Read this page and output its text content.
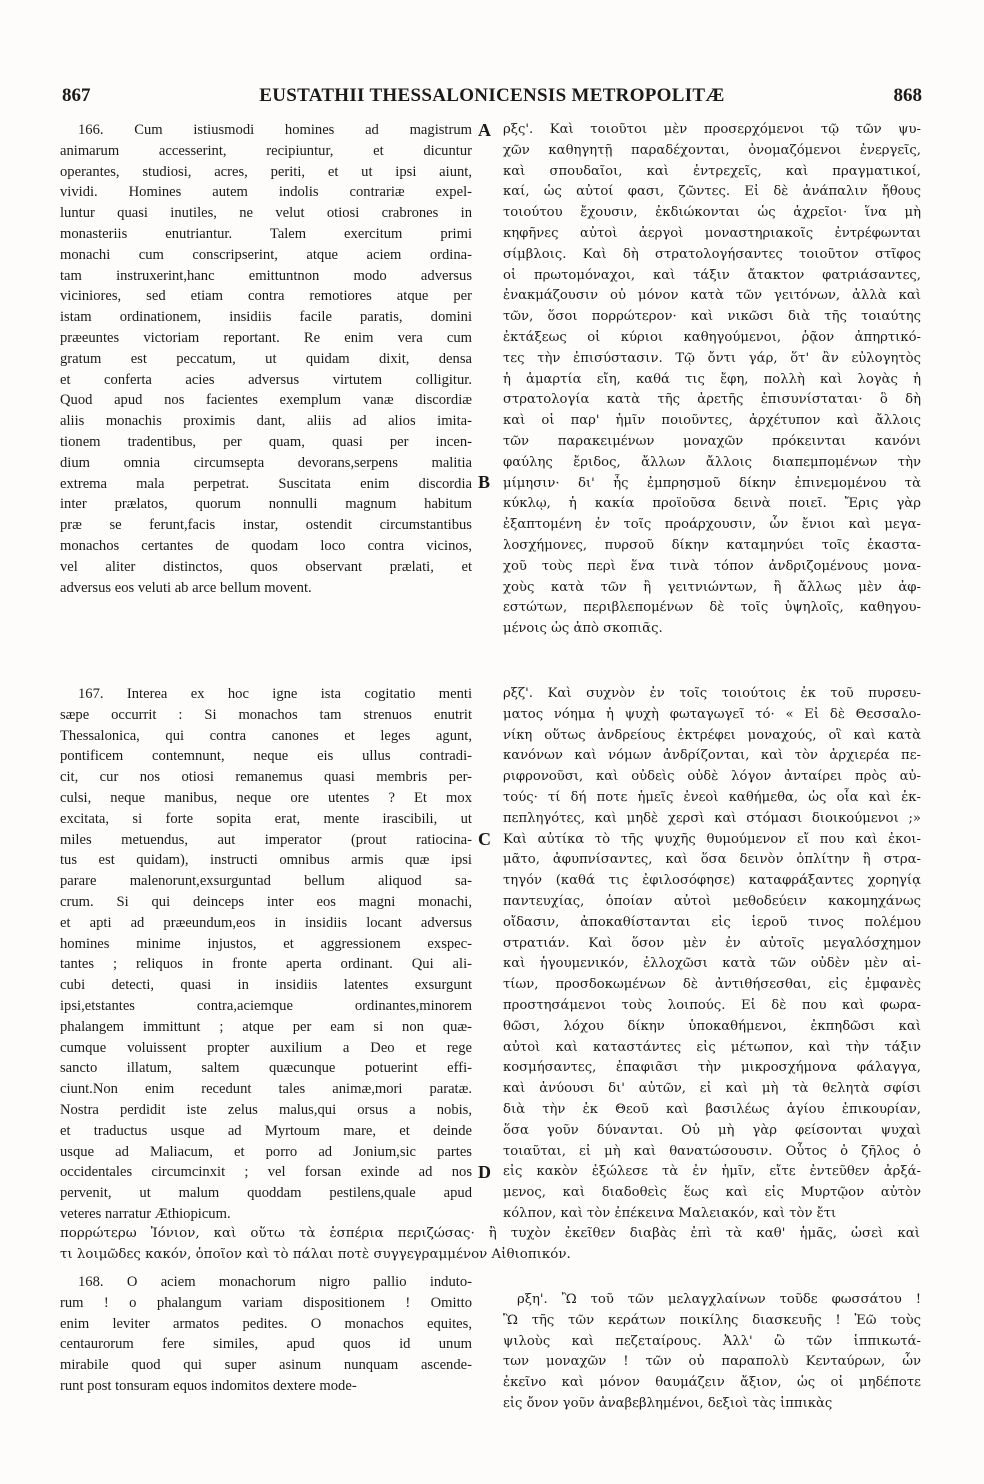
867	EUSTATHII THESSALONICENSIS METROPOLITÆ	868
166. Cum istiusmodi homines ad magistrum
animarum accesserint, recipiuntur, et dicuntur
operantes, studiosi, acres, periti, et ut ipsi aiunt,
vividi. Homines autem indolis contrariæ expel-
luntur quasi inutiles, ne velut otiosi crabrones in
monasteriis enutriantur. Talem exercitum primi
monachi cum conscripserint, atque aciem ordina-
tam instruxerint,hanc emittuntnon modo adversus
viciniores, sed etiam contra remotiores atque per
istam ordinationem, insidiis facile paratis, domini
præeuntes victoriam reportant. Re enim vera cum
gratum est peccatum, ut quidam dixit, densa
et conferta acies adversus virtutem colligitur.
Quod apud nos facientes exemplum vanæ discordiæ
aliis monachis proximis dant, aliis ad alios imita-
tionem tradentibus, per quam, quasi per incen-
dium omnia circumsepta devorans,serpens malitia
extrema mala perpetrat. Suscitata enim discordia
inter prælatos, quorum nonnulli magnum habitum
præ se ferunt,facis instar, ostendit circumstantibus
monachos certantes de quodam loco contra vicinos,
vel aliter distinctos, quos observant prælati, et
adversus eos veluti ab arce bellum movent.
ρξς'. Καὶ τοιοῦτοι μὲν προσερχόμενοι τῷ τῶν ψυ-
χῶν καθηγητῇ παραδέχονται, ὀνομαζόμενοι ἐνεργεῖς,
καὶ σπουδαῖοι, καὶ ἐντρεχεῖς, καὶ πραγματικοί,
καί, ὡς αὐτοί φασι, ζῶντες. Εἰ δὲ ἀνάπαλιν ἤθους
τοιούτου ἔχουσιν, ἐκδιώκονται ὡς ἀχρεῖοι· ἵνα μὴ
κηφῆνες αὐτοὶ ἀεργοὶ μοναστηριακοῖς ἐντρέφωνται
σίμβλοις. Καὶ δὴ στρατολογήσαντες τοιοῦτον στῖφος
οἱ πρωτομόναχοι, καὶ τάξιν ἄτακτον φατριάσαντες,
ἐνακμάζουσιν οὐ μόνον κατὰ τῶν γειτόνων, ἀλλὰ καὶ
τῶν, ὅσοι πορρώτερον· καὶ νικῶσι διὰ τῆς τοιαύτης
ἐκτάξεως οἱ κύριοι καθηγούμενοι, ῥᾷον ἀπηρτικό-
τες τὴν ἐπισύστασιν. Τῷ ὄντι γάρ, ὅτ' ἂν εὐλογητὸς
ἡ ἁμαρτία εἴη, καθά τις ἔφη, πολλὴ καὶ λογὰς ἡ
στρατολογία κατὰ τῆς ἀρετῆς ἐπισυνίσταται· ὃ δὴ
καὶ οἱ παρ' ἡμῖν ποιοῦντες, ἀρχέτυπον καὶ ἄλλοις
τῶν παρακειμένων μοναχῶν πρόκεινται κανόνι
φαύλης ἔριδος, ἄλλων ἄλλοις διαπεμπομένων τὴν
μίμησιν· δι' ἧς ἐμπρησμοῦ δίκην ἐπινεμομένου τὰ
κύκλῳ, ἡ κακία προϊοῦσα δεινὰ ποιεῖ. Ἔρις γὰρ
ἐξαπτομένη ἐν τοῖς προάρχουσιν, ὧν ἔνιοι καὶ μεγα-
λοσχήμονες, πυρσοῦ δίκην καταμηνύει τοῖς ἑκαστα-
χοῦ τοὺς περὶ ἕνα τινὰ τόπον ἀνδριζομένους μονα-
χοὺς κατὰ τῶν ἢ γειτνιώντων, ἢ ἄλλως μὲν ἀφ-
εστώτων, περιβλεπομένων δὲ τοῖς ὑψηλοῖς, καθηγου-
μένοις ὡς ἀπὸ σκοπιᾶς.
167. Interea ex hoc igne ista cogitatio menti
sæpe occurrit : Si monachos tam strenuos enutrit
Thessalonica, qui contra canones et leges agunt,
pontificem contemnunt, neque eis ullus contradi-
cit, cur nos otiosi remanemus quasi membris per-
culsi, neque manibus, neque ore utentes ? Et mox
excitata, si forte sopita erat, mente irascibili, ut
miles metuendus, aut imperator (prout ratiocina-
tus est quidam), instructi omnibus armis quæ ipsi
parare malenorunt,exsurguntad bellum aliquod sa-
crum. Si qui deinceps inter eos magni monachi,
et apti ad præeundum,eos in insidiis locant adversus
homines minime injustos, et aggressionem exspec-
tantes ; reliquos in fronte aperta ordinant. Qui ali-
cubi detecti, quasi in insidiis latentes exsurgunt
ipsi,etstantes contra,aciemque ordinantes,minorem
phalangem immittunt ; atque per eam si non quæ-
cumque voluissent propter auxilium a Deo et rege
sancto illatum, saltem quæcunque potuerint effi-
ciunt.Non enim recedunt tales animæ,mori paratæ.
Nostra perdidit iste zelus malus,qui orsus a nobis,
et traductus usque ad Myrtoum mare, et deinde
usque ad Maliacum, et porro ad Jonium,sic partes
occidentales circumcinxit ; vel forsan exinde ad nos
pervenit, ut malum quoddam pestilens,quale apud
veteres narratur Æthiopicum.
ρξζ'. Καὶ συχνὸν ἐν τοῖς τοιούτοις ἐκ τοῦ πυρσευ-
ματος νόημα ἡ ψυχὴ φωταγωγεῖ τό· « Εἰ δὲ Θεσσαλο-
νίκη οὕτως ἀνδρείους ἐκτρέφει μοναχούς, οἳ καὶ κατὰ
κανόνων καὶ νόμων ἀνδρίζονται, καὶ τὸν ἀρχιερέα πε-
ριφρονοῦσι, καὶ οὐδεὶς οὐδὲ λόγον ἀνταίρει πρὸς αὐ-
τούς· τί δή ποτε ἡμεῖς ἐνεοὶ καθήμεθα, ὡς οἷα καὶ ἐκ-
πεπληγότες, καὶ μηδὲ χερσὶ καὶ στόμασι διοικούμενοι ;»
Καὶ αὐτίκα τὸ τῆς ψυχῆς θυμούμενον εἴ που καὶ ἐκοι-
μᾶτο, ἀφυπνίσαντες, καὶ ὅσα δεινὸν ὁπλίτην ἢ στρα-
τηγόν (καθά τις ἐφιλοσόφησε) καταφράξαντες χορηγίᾳ
παντευχίας, ὁποίαν αὐτοὶ μεθοδεύειν κακομηχάνως
οἴδασιν, ἀποκαθίστανται εἰς ἱεροῦ τινος πολέμου
στρατιάν. Καὶ ὅσον μὲν ἐν αὐτοῖς μεγαλόσχημον
καὶ ἡγουμενικόν, ἐλλοχῶσι κατὰ τῶν οὐδὲν μὲν αἰ-
τίων, προσδοκωμένων δὲ ἀντιθήσεσθαι, εἰς ἐμφανὲς
προστησάμενοι τοὺς λοιπούς. Εἰ δὲ που καὶ φωρα-
θῶσι, λόχου δίκην ὑποκαθήμενοι, ἐκπηδῶσι καὶ
αὐτοὶ καὶ καταστάντες εἰς μέτωπον, καὶ τὴν τάξιν
κοσμήσαντες, ἐπαφιᾶσι τὴν μικροσχήμονα φάλαγγα,
καὶ ἀνύουσι δι' αὐτῶν, εἰ καὶ μὴ τὰ θελητὰ σφίσι
διὰ τὴν ἐκ Θεοῦ καὶ βασιλέως ἁγίου ἐπικουρίαν,
ὅσα γοῦν δύνανται. Οὐ μὴ γὰρ φείσονται ψυχαὶ
τοιαῦται, εἰ μὴ καὶ θανατώσουσιν. Οὗτος ὁ ζῆλος ὁ
εἰς κακὸν ἐξώλεσε τὰ ἐν ἡμῖν, εἴτε ἐντεῦθεν ἀρξά-
μενος, καὶ διαδοθεὶς ἕως καὶ εἰς Μυρτῷον αὐτὸν
κόλπον, καὶ τὸν ἐπέκεινα Μαλειακόν, καὶ τὸν ἔτι
πορρώτερω Ἰόνιον, καὶ οὕτω τὰ ἑσπέρια περιζώσας· ἢ τυχὸν ἐκεῖθεν διαβὰς ἐπὶ τὰ καθ' ἡμᾶς, ὡσεὶ καὶ
τι λοιμῶδες κακόν, ὁποῖον καὶ τὸ πάλαι ποτὲ συγγεγραμμένον Αἰθιοπικόν.
168. O aciem monachorum nigro pallio induto-
rum ! o phalangum variam dispositionem ! Omitto
enim leviter armatos pedites. O monachos equites,
centaurorum fere similes, apud quos id unum
mirabile quod qui super asinum nunquam ascende-
runt post tonsuram equos indomitos dextere mode-
ρξη'. Ὢ τοῦ τῶν μελαγχλαίνων τοῦδε φωσσάτου !
Ὢ τῆς τῶν κεράτων ποικίλης διασκευῆς ! Ἐῶ τοὺς
ψιλοὺς καὶ πεζεταίρους. Ἀλλ' ὢ τῶν ἱππικωτά-
των μοναχῶν ! τῶν οὐ παραπολὺ Κενταύρων, ὧν
ἐκεῖνο καὶ μόνον θαυμάζειν ἄξιον, ὡς οἱ μηδέποτε
εἰς ὄνον γοῦν ἀναβεβλημένοι, δεξιοὶ τὰς ἱππικὰς
A
B
C
D
